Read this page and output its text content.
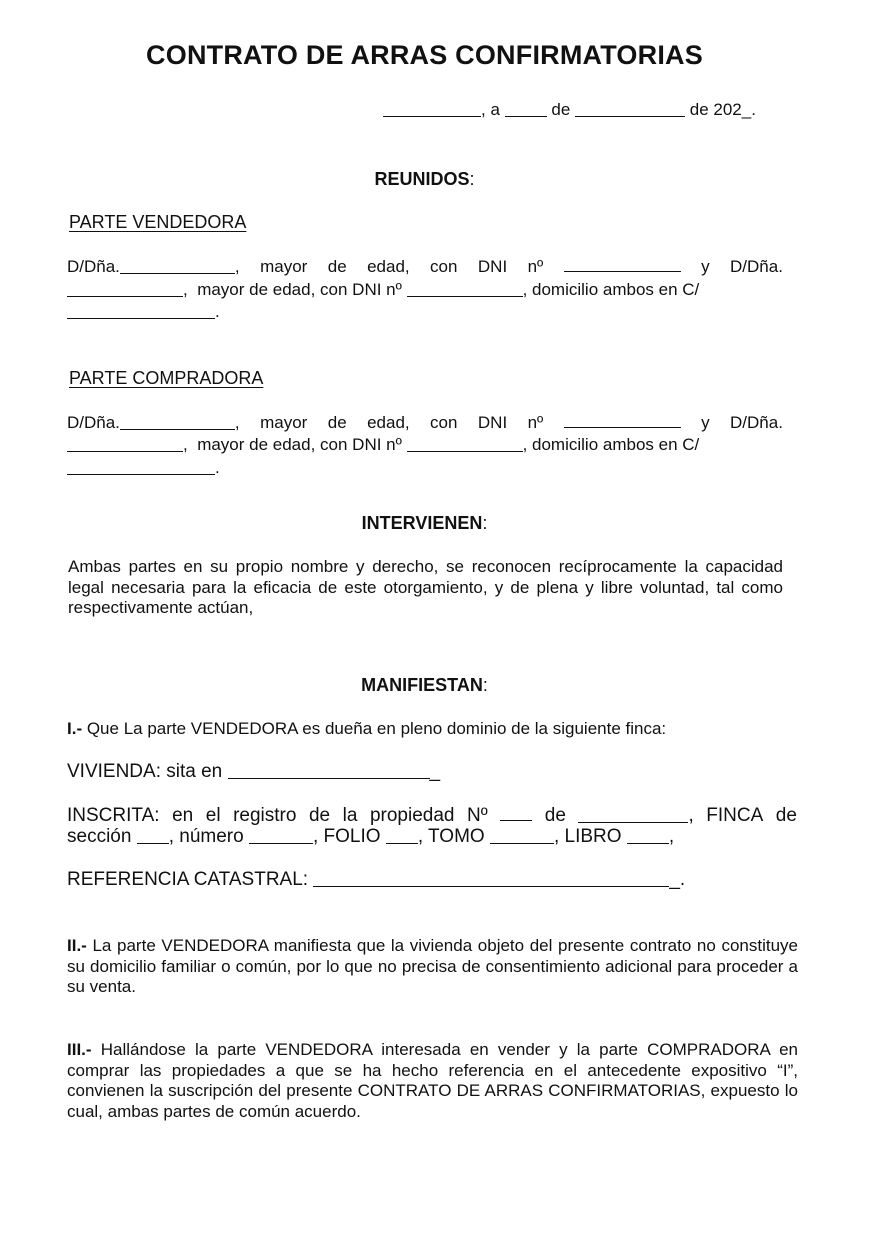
CONTRATO DE ARRAS CONFIRMATORIAS
, a	de	de 202_.
REUNIDOS:
PARTE VENDEDORA
D/Dña.	, mayor de edad, con DNI nº	y D/Dña.
, mayor de edad, con DNI nº	, domicilio ambos en C/
.
PARTE COMPRADORA
D/Dña.	, mayor de edad, con DNI nº	y D/Dña.
, mayor de edad, con DNI nº	, domicilio ambos en C/
.
INTERVIENEN:
Ambas partes en su propio nombre y derecho, se reconocen recíprocamente la capacidad legal necesaria para la eficacia de este otorgamiento, y de plena y libre voluntad, tal como respectivamente actúan,
MANIFIESTAN:
I.- Que La parte VENDEDORA es dueña en pleno dominio de la siguiente finca:
VIVIENDA: sita en	_
INSCRITA: en el registro de la propiedad Nº	de	, FINCA de
sección , número	, FOLIO , TOMO	, LIBRO ,
REFERENCIA CATASTRAL:	_.
II.- La parte VENDEDORA manifiesta que la vivienda objeto del presente contrato no constituye su domicilio familiar o común, por lo que no precisa de consentimiento adicional para proceder a su venta.
III.- Hallándose la parte VENDEDORA interesada en vender y la parte COMPRADORA en comprar las propiedades a que se ha hecho referencia en el antecedente expositivo “I”, convienen la suscripción del presente CONTRATO DE ARRAS CONFIRMATORIAS, expuesto lo cual, ambas partes de común acuerdo.
